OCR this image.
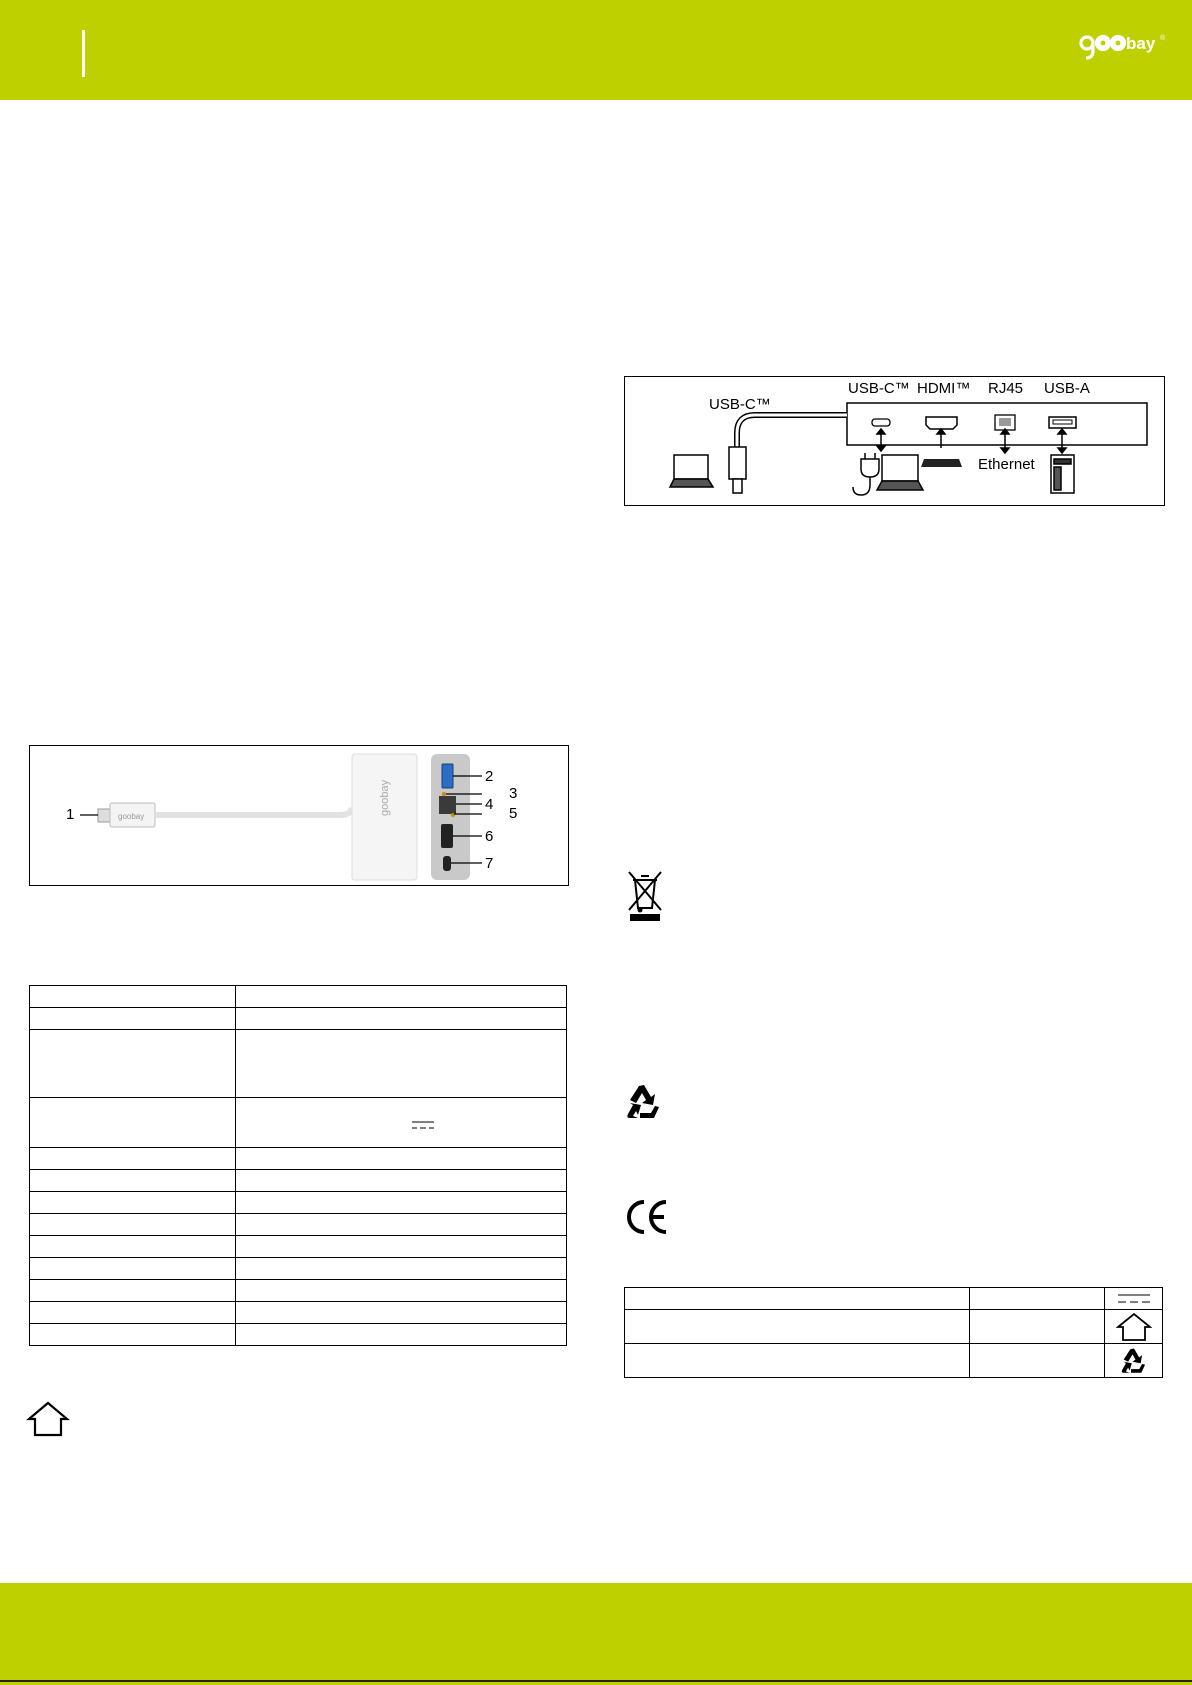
bay ®
USB-C™
USB-C™ HDMI™ RJ45 USB-A
Ethernet
goobay
goobay
1
2
3
4
5
6
7
